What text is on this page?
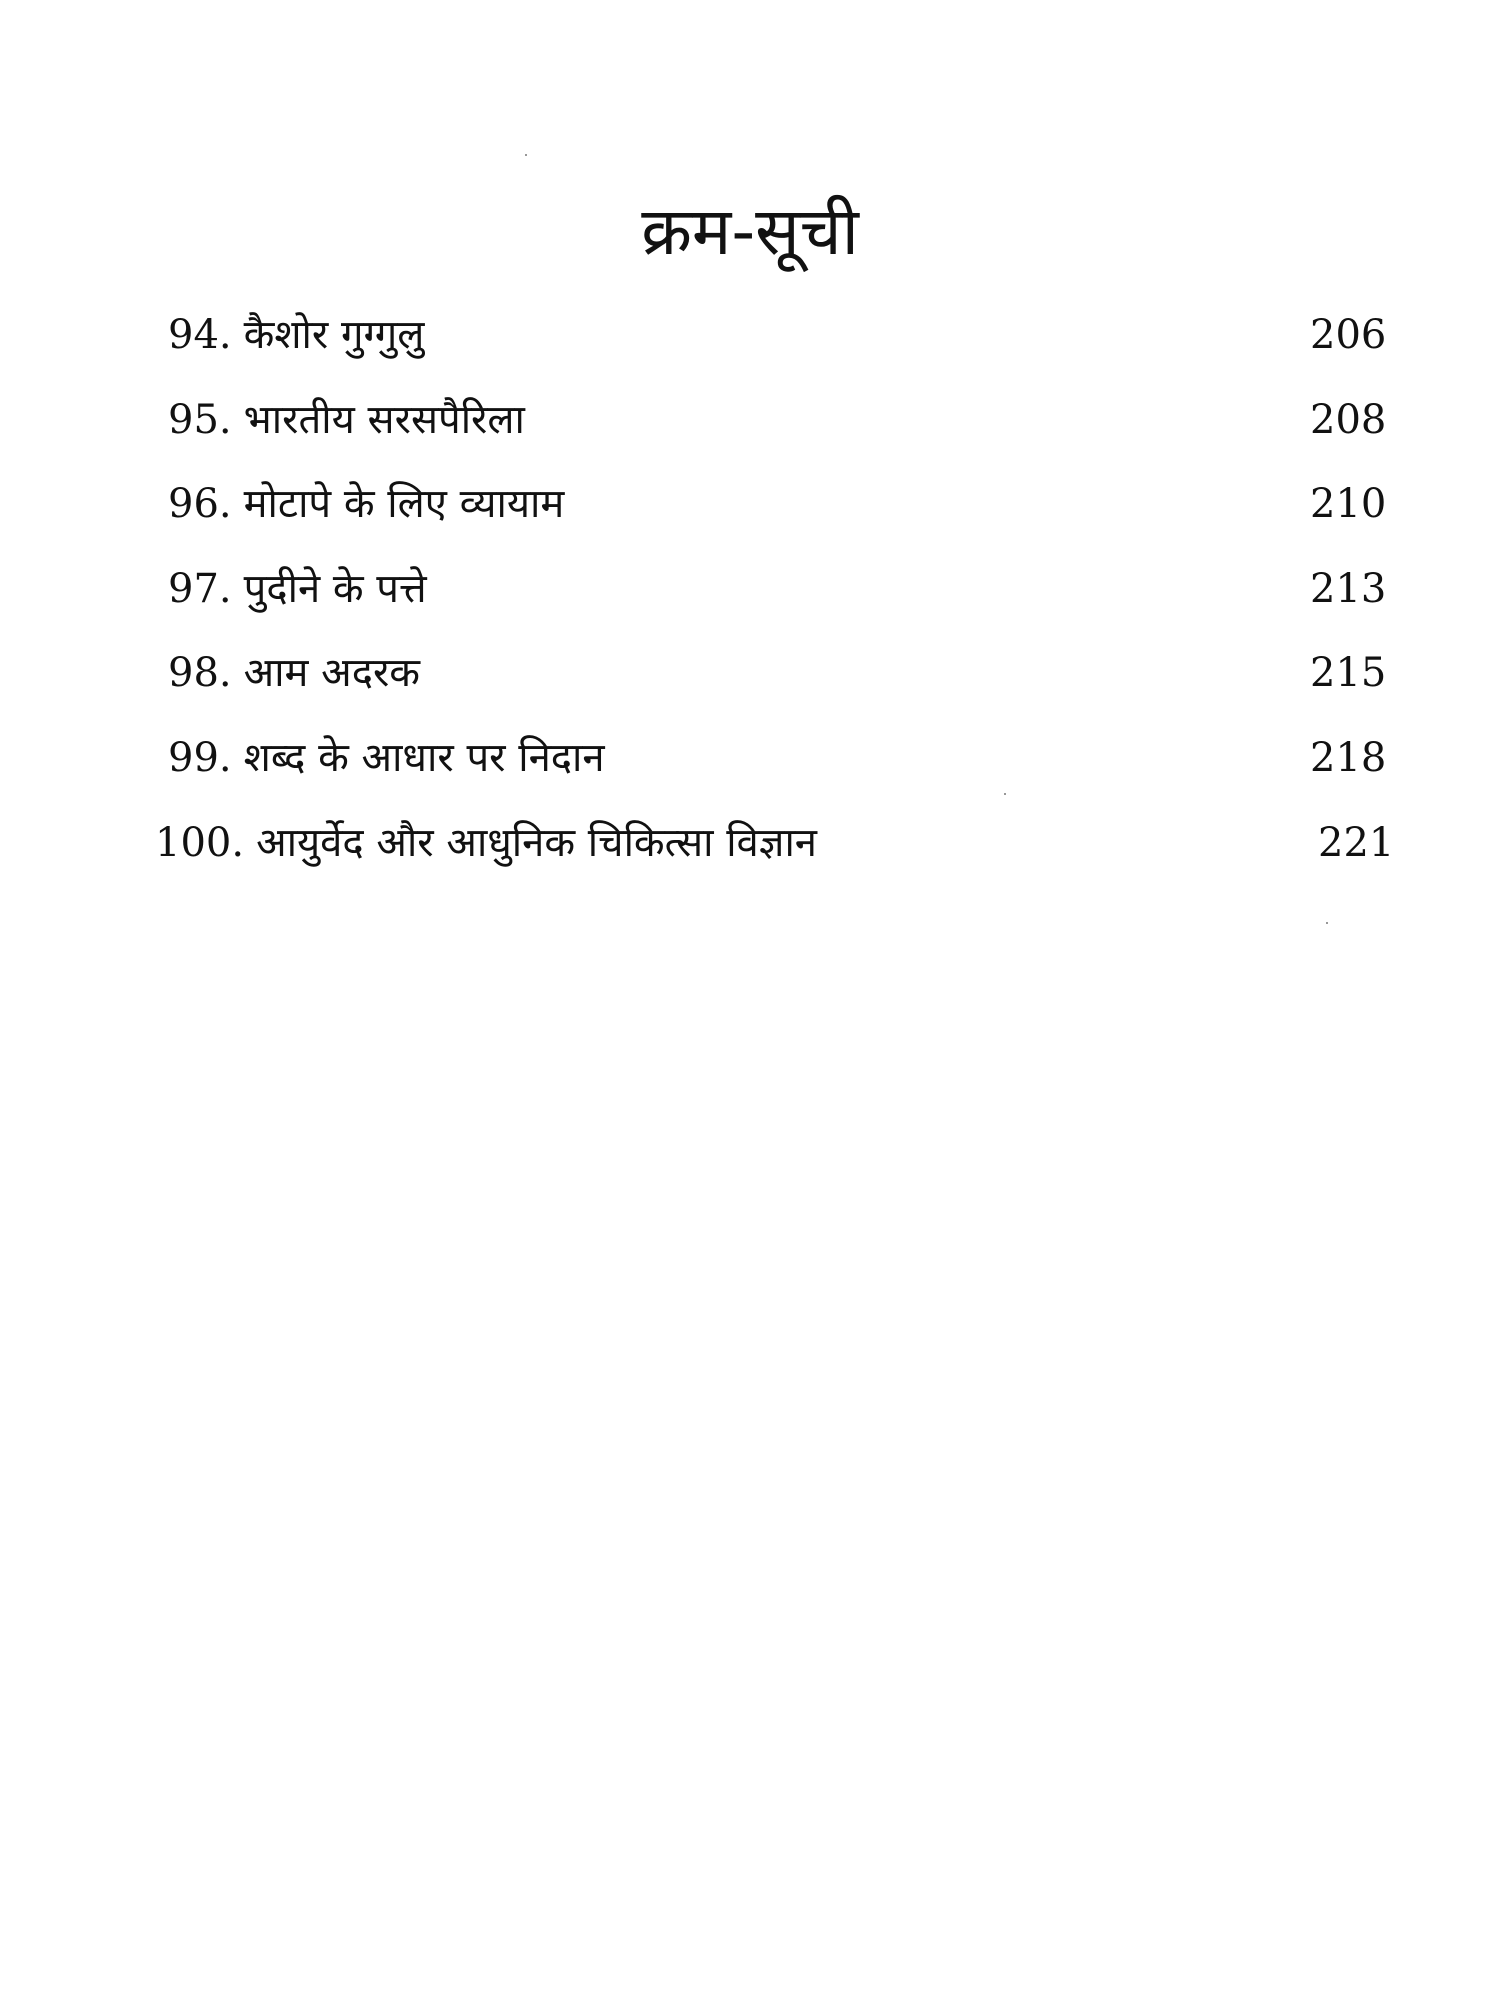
क्रम-सूची
94. कैशोर गुग्गुलु	206
95. भारतीय सरसपैरिला	208
96. मोटापे के लिए व्यायाम	210
97. पुदीने के पत्ते	213
98. आम अदरक	215
99. शब्द के आधार पर निदान	218
100. आयुर्वेद और आधुनिक चिकित्सा विज्ञान	221
